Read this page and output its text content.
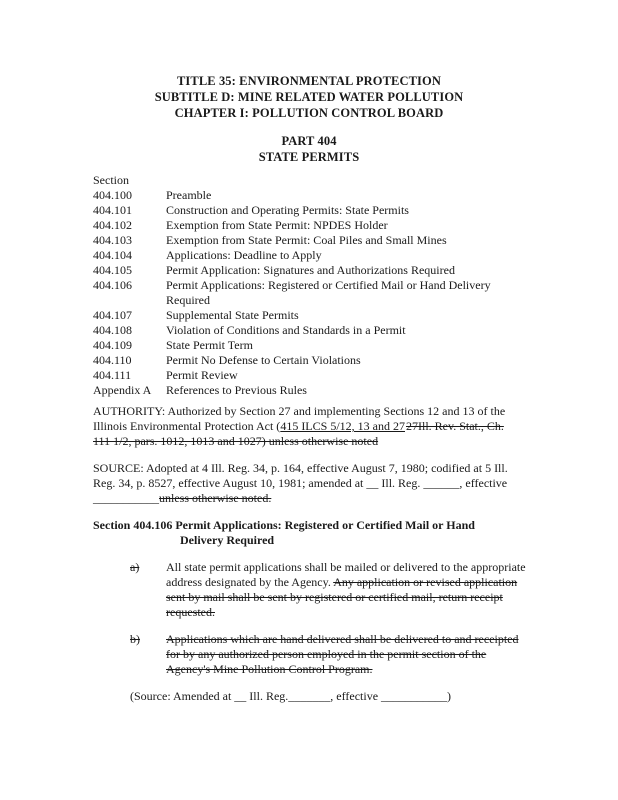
TITLE 35: ENVIRONMENTAL PROTECTION
SUBTITLE D: MINE RELATED WATER POLLUTION
CHAPTER I: POLLUTION CONTROL BOARD
PART 404
STATE PERMITS
Section
404.100	Preamble
404.101	Construction and Operating Permits: State Permits
404.102	Exemption from State Permit: NPDES Holder
404.103	Exemption from State Permit: Coal Piles and Small Mines
404.104	Applications: Deadline to Apply
404.105	Permit Application: Signatures and Authorizations Required
404.106	Permit Applications: Registered or Certified Mail or Hand Delivery
Required
404.107	Supplemental State Permits
404.108	Violation of Conditions and Standards in a Permit
404.109	State Permit Term
404.110	Permit No Defense to Certain Violations
404.111	Permit Review
Appendix A References to Previous Rules
AUTHORITY: Authorized by Section 27 and implementing Sections 12 and 13 of the
Illinois Environmental Protection Act (415 ILCS 5/12, 13 and 2727Ill. Rev. Stat., Ch.
111 1/2, pars. 1012, 1013 and 1027) unless otherwise noted
SOURCE: Adopted at 4 Ill. Reg. 34, p. 164, effective August 7, 1980; codified at 5 Ill.
Reg. 34, p. 8527, effective August 10, 1981; amended at __ Ill. Reg. ______, effective
___________unless otherwise noted.
Section 404.106 Permit Applications: Registered or Certified Mail or Hand
Delivery Required
a) All state permit applications shall be mailed or delivered to the appropriate
address designated by the Agency. Any application or revised application
sent by mail shall be sent by registered or certified mail, return receipt
requested.
b)	Applications which are hand delivered shall be delivered to and receipted
for by any authorized person employed in the permit section of the
Agency's Mine Pollution Control Program.
(Source: Amended at __ Ill. Reg._______, effective ___________)
